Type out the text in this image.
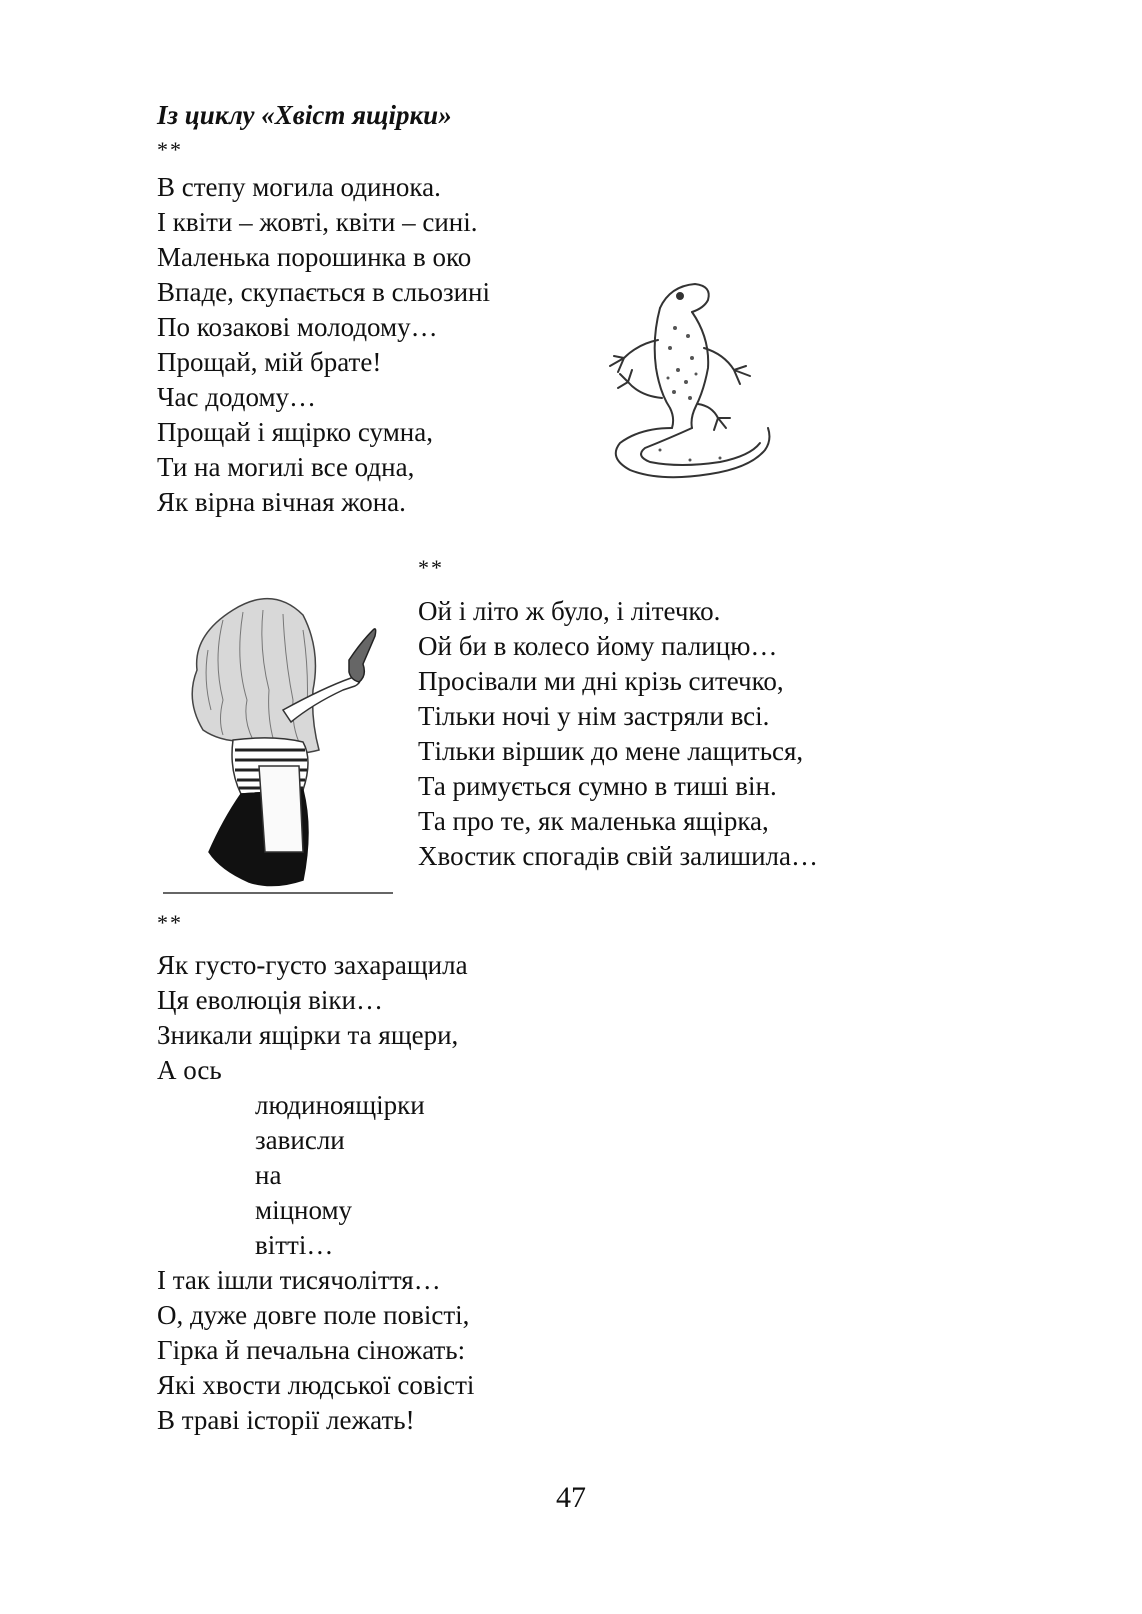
Із циклу «Хвіст ящірки»
**
В степу могила одинока.
І квіти – жовті, квіти – сині.
Маленька порошинка в око
Впаде, скупається в сльозині
По козакові молодому…
Прощай, мій брате!
Час додому…
Прощай і ящірко сумна,
Ти на могилі все одна,
Як вірна вічная жона.
**
Ой і літо ж було, і літечко.
Ой би в колесо йому палицю…
Просівали ми дні крізь ситечко,
Тільки ночі у нім застряли всі.
Тільки віршик до мене лащиться,
Та римується сумно в тиші він.
Та про те, як маленька ящірка,
Хвостик спогадів свій залишила…
**
Як густо-густо захаращила
Ця еволюція віки…
Зникали ящірки та ящери,
А ось
людиноящірки
зависли
на
міцному
вітті…
І так ішли тисячоліття…
О, дуже довге поле повісті,
Гірка й печальна сіножать:
Які хвости людської совісті
В траві історії лежать!
47
